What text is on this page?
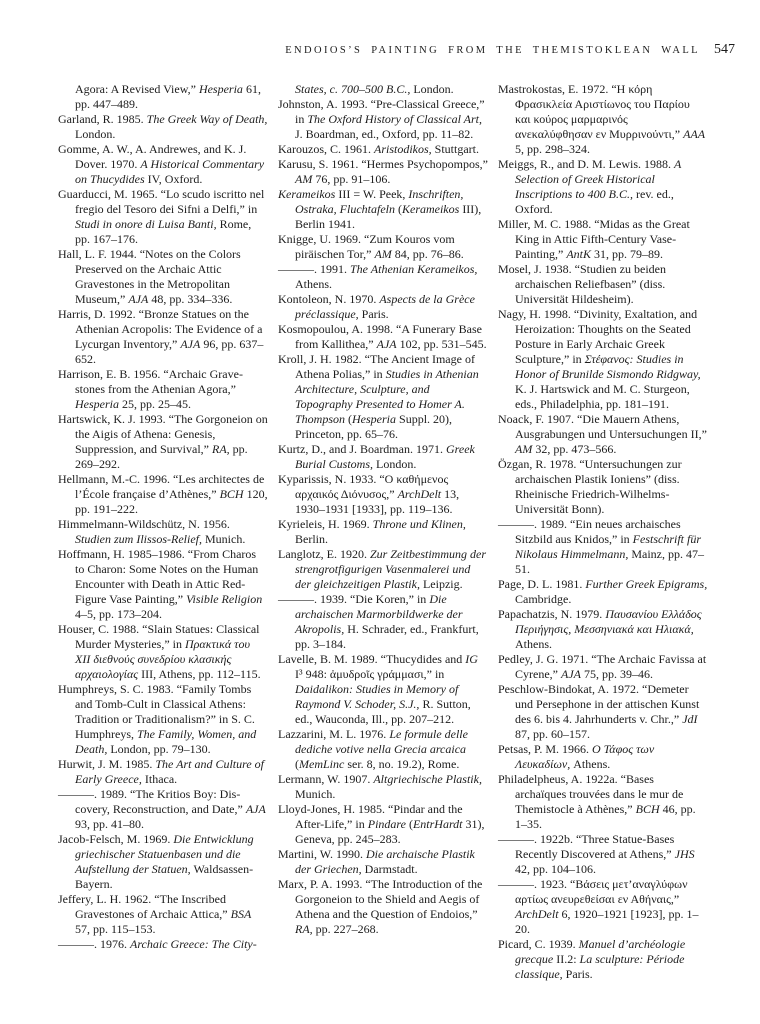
ENDOIOS’S PAINTING FROM THE THEMISTOKLEAN WALL 547

Agora: A Revised View,” Hesperia 61, pp. 447–489.

Garland, R. 1985. The Greek Way of Death, London.

Gomme, A. W., A. Andrewes, and K. J. Dover. 1970. A Historical Commentary on Thucydides IV, Oxford.

Guarducci, M. 1965. “Lo scudo iscritto nel fregio del Tesoro dei Sifni a Delfi,” in Studi in onore di Luisa Banti, Rome, pp. 167–176.

Hall, L. F. 1944. “Notes on the Colors Preserved on the Archaic Attic Gravestones in the Metropolitan Museum,” AJA 48, pp. 334–336.

Harris, D. 1992. “Bronze Statues on the Athenian Acropolis: The Evidence of a Lycurgan Inventory,” AJA 96, pp. 637–652.

Harrison, E. B. 1956. “Archaic Gravestones from the Athenian Agora,” Hesperia 25, pp. 25–45.

Hartswick, K. J. 1993. “The Gorgoneion on the Aigis of Athena: Genesis, Suppression, and Survival,” RA, pp. 269–292.

Hellmann, M.-C. 1996. “Les architectes de l’École française d’Athènes,” BCH 120, pp. 191–222.

Himmelmann-Wildschütz, N. 1956. Studien zum Ilissos-Relief, Munich.

Hoffmann, H. 1985–1986. “From Charos to Charon: Some Notes on the Human Encounter with Death in Attic Red-Figure Vase Painting,” Visible Religion 4–5, pp. 173–204.

Houser, C. 1988. “Slain Statues: Classical Murder Mysteries,” in Πρακτικά του XII διεθνούς συνεδρίου κλασικής αρχαιολογίας III, Athens, pp. 112–115.

Humphreys, S. C. 1983. “Family Tombs and Tomb-Cult in Classical Athens: Tradition or Traditionalism?” in S. C. Humphreys, The Family, Women, and Death, London, pp. 79–130.

Hurwit, J. M. 1985. The Art and Culture of Early Greece, Ithaca.

———. 1989. “The Kritios Boy: Discovery, Reconstruction, and Date,” AJA 93, pp. 41–80.

Jacob-Felsch, M. 1969. Die Entwicklung griechischer Statuenbasen und die Aufstellung der Statuen, Waldsassen-Bayern.

Jeffery, L. H. 1962. “The Inscribed Gravestones of Archaic Attica,” BSA 57, pp. 115–153.

———. 1976. Archaic Greece: The City-

States, c. 700–500 B.C., London.

Johnston, A. 1993. “Pre-Classical Greece,” in The Oxford History of Classical Art, J. Boardman, ed., Oxford, pp. 11–82.

Karouzos, C. 1961. Aristodikos, Stuttgart.

Karusu, S. 1961. “Hermes Psychopompos,” AM 76, pp. 91–106.

Kerameikos III = W. Peek, Inschriften, Ostraka, Fluchtafeln (Kerameikos III), Berlin 1941.

Knigge, U. 1969. “Zum Kouros vom piräischen Tor,” AM 84, pp. 76–86.

———. 1991. The Athenian Kerameikos, Athens.

Kontoleon, N. 1970. Aspects de la Grèce préclassique, Paris.

Kosmopoulou, A. 1998. “A Funerary Base from Kallithea,” AJA 102, pp. 531–545.

Kroll, J. H. 1982. “The Ancient Image of Athena Polias,” in Studies in Athenian Architecture, Sculpture, and Topography Presented to Homer A. Thompson (Hesperia Suppl. 20), Princeton, pp. 65–76.

Kurtz, D., and J. Boardman. 1971. Greek Burial Customs, London.

Kyparissis, N. 1933. “Ο καθήμενος αρχαικός Διόνυσος,” ArchDelt 13, 1930–1931 [1933], pp. 119–136.

Kyrieleis, H. 1969. Throne und Klinen, Berlin.

Langlotz, E. 1920. Zur Zeitbestimmung der strengrotfigurigen Vasenmalerei und der gleichzeitigen Plastik, Leipzig.

———. 1939. “Die Koren,” in Die archaischen Marmorbildwerke der Akropolis, H. Schrader, ed., Frankfurt, pp. 3–184.

Lavelle, B. M. 1989. “Thucydides and IG I³ 948: ἀμυδροῖς γράμμασι,” in Daidalikon: Studies in Memory of Raymond V. Schoder, S.J., R. Sutton, ed., Wauconda, Ill., pp. 207–212.

Lazzarini, M. L. 1976. Le formule delle dediche votive nella Grecia arcaica (MemLinc ser. 8, no. 19.2), Rome.

Lermann, W. 1907. Altgriechische Plastik, Munich.

Lloyd-Jones, H. 1985. “Pindar and the After-Life,” in Pindare (EntrHardt 31), Geneva, pp. 245–283.

Martini, W. 1990. Die archaische Plastik der Griechen, Darmstadt.

Marx, P. A. 1993. “The Introduction of the Gorgoneion to the Shield and Aegis of Athena and the Question of Endoios,” RA, pp. 227–268.

Mastrokostas, E. 1972. “Η κόρη Φρασικλεία Αριστίωνος του Παρίου και κούρος μαρμαρινός ανεκαλύφθησαν εν Μυρρινούντι,” ΑΑΑ 5, pp. 298–324.

Meiggs, R., and D. M. Lewis. 1988. A Selection of Greek Historical Inscriptions to 400 B.C., rev. ed., Oxford.

Miller, M. C. 1988. “Midas as the Great King in Attic Fifth-Century Vase-Painting,” AntK 31, pp. 79–89.

Mosel, J. 1938. “Studien zu beiden archaischen Reliefbasen” (diss. Universität Hildesheim).

Nagy, H. 1998. “Divinity, Exaltation, and Heroization: Thoughts on the Seated Posture in Early Archaic Greek Sculpture,” in Στέφανος: Studies in Honor of Brunilde Sismondo Ridgway, K. J. Hartswick and M. C. Sturgeon, eds., Philadelphia, pp. 181–191.

Noack, F. 1907. “Die Mauern Athens, Ausgrabungen und Untersuchungen II,” AM 32, pp. 473–566.

Özgan, R. 1978. “Untersuchungen zur archaischen Plastik Ioniens” (diss. Rheinische Friedrich-Wilhelms-Universität Bonn).

———. 1989. “Ein neues archaisches Sitzbild aus Knidos,” in Festschrift für Nikolaus Himmelmann, Mainz, pp. 47–51.

Page, D. L. 1981. Further Greek Epigrams, Cambridge.

Papachatzis, N. 1979. Παυσανίου Ελλάδος Περιήγησις, Μεσσηνιακά και Ηλιακά, Athens.

Pedley, J. G. 1971. “The Archaic Favissa at Cyrene,” AJA 75, pp. 39–46.

Peschlow-Bindokat, A. 1972. “Demeter und Persephone in der attischen Kunst des 6. bis 4. Jahrhunderts v. Chr.,” JdI 87, pp. 60–157.

Petsas, P. M. 1966. Ο Τάφος των Λευκαδίων, Athens.

Philadelpheus, A. 1922a. “Bases archaïques trouvées dans le mur de Themistocle à Athènes,” BCH 46, pp. 1–35.

———. 1922b. “Three Statue-Bases Recently Discovered at Athens,” JHS 42, pp. 104–106.

———. 1923. “Βάσεις μετ’αναγλύφων αρτίως ανευρεθείσαι εν Αθήναις,” ArchDelt 6, 1920–1921 [1923], pp. 1–20.

Picard, C. 1939. Manuel d’archéologie grecque II.2: La sculpture: Période classique, Paris.
